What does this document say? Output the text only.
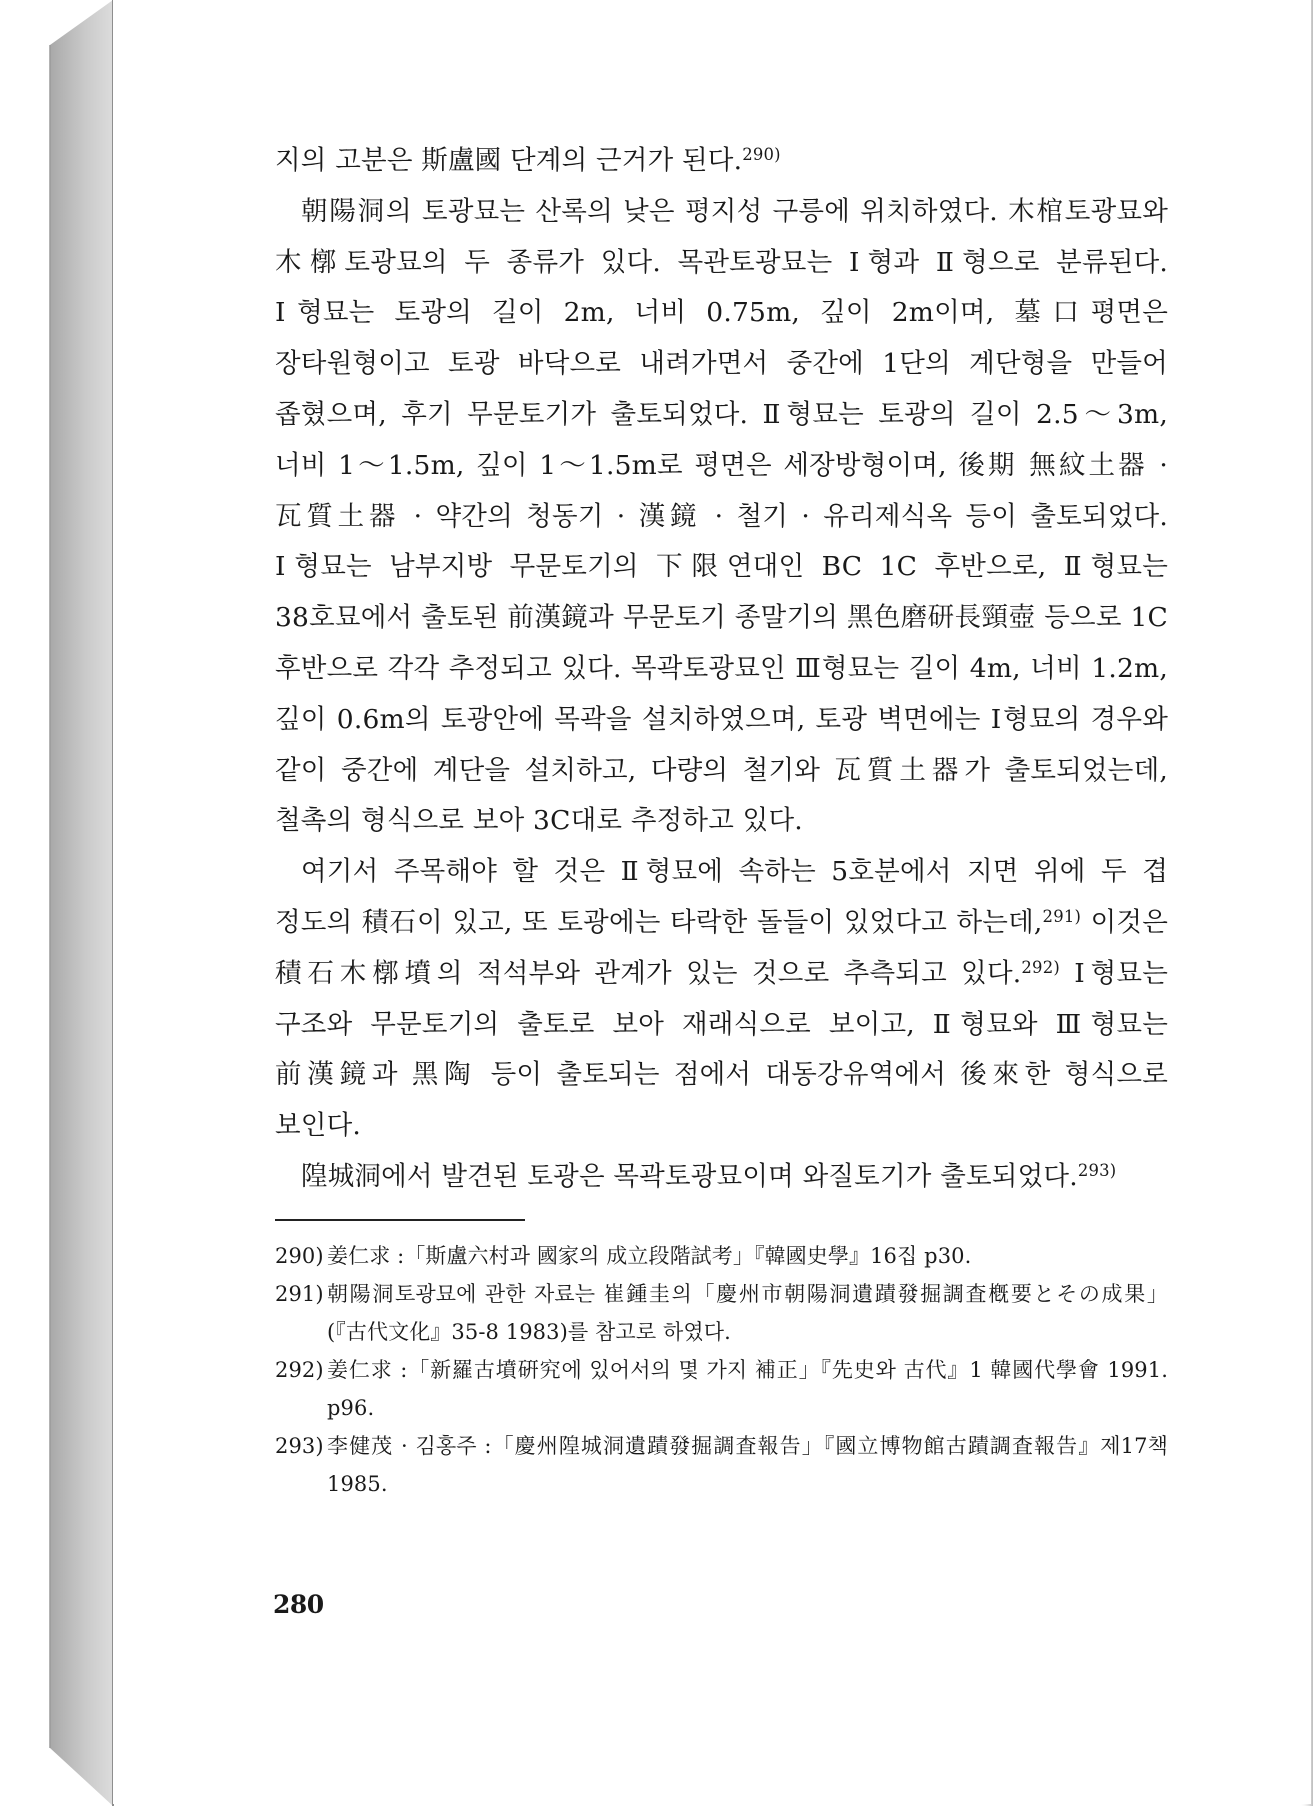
지의 고분은 斯盧國 단계의 근거가 된다.$^{290)}$

朝陽洞의 토광묘는 산록의 낮은 평지성 구릉에 위치하였다. 木棺토광묘와 木槨토광묘의 두 종류가 있다. 목관토광묘는 Ⅰ형과 Ⅱ형으로 분류된다. Ⅰ형묘는 토광의 길이 2m, 너비 0.75m, 깊이 2m이며, 墓口평면은 장타원형이고 토광 바닥으로 내려가면서 중간에 1단의 계단형을 만들어 좁혔으며, 후기 무문토기가 출토되었다. Ⅱ형묘는 토광의 길이 2.5～3m, 너비 1～1.5m, 깊이 1～1.5m로 평면은 세장방형이며, 後期 無紋土器 · 瓦質土器 · 약간의 청동기 · 漢鏡 · 철기 · 유리제식옥 등이 출토되었다. Ⅰ형묘는 남부지방 무문토기의 下限연대인 BC 1C 후반으로, Ⅱ형묘는 38호묘에서 출토된 前漢鏡과 무문토기 종말기의 黑色磨研長頸壺 등으로 1C 후반으로 각각 추정되고 있다. 목곽토광묘인 Ⅲ형묘는 길이 4m, 너비 1.2m, 깊이 0.6m의 토광안에 목곽을 설치하였으며, 토광 벽면에는 Ⅰ형묘의 경우와 같이 중간에 계단을 설치하고, 다량의 철기와 瓦質土器가 출토되었는데, 철촉의 형식으로 보아 3C대로 추정하고 있다.

여기서 주목해야 할 것은 Ⅱ형묘에 속하는 5호분에서 지면 위에 두 겹 정도의 積石이 있고, 또 토광에는 타락한 돌들이 있었다고 하는데,$^{291)}$ 이것은 積石木槨墳의 적석부와 관계가 있는 것으로 추측되고 있다.$^{292)}$ Ⅰ형묘는 구조와 무문토기의 출토로 보아 재래식으로 보이고, Ⅱ형묘와 Ⅲ형묘는 前漢鏡과 黑陶 등이 출토되는 점에서 대동강유역에서 後來한 형식으로 보인다.

隍城洞에서 발견된 토광은 목곽토광묘이며 와질토기가 출토되었다.$^{293)}$

290) 姜仁求 :「斯盧六村과 國家의 成立段階試考」『韓國史學』16집 p30.
291) 朝陽洞토광묘에 관한 자료는 崔鍾圭의「慶州市朝陽洞遺蹟發掘調査槪要とその成果」(『古代文化』35-8 1983)를 참고로 하였다.
292) 姜仁求 :「新羅古墳硏究에 있어서의 몇 가지 補正」『先史와 古代』1 韓國代學會 1991. p96.
293) 李健茂 · 김홍주 :「慶州隍城洞遺蹟發掘調査報告」『國立博物館古蹟調査報告』제17책 1985.
280
